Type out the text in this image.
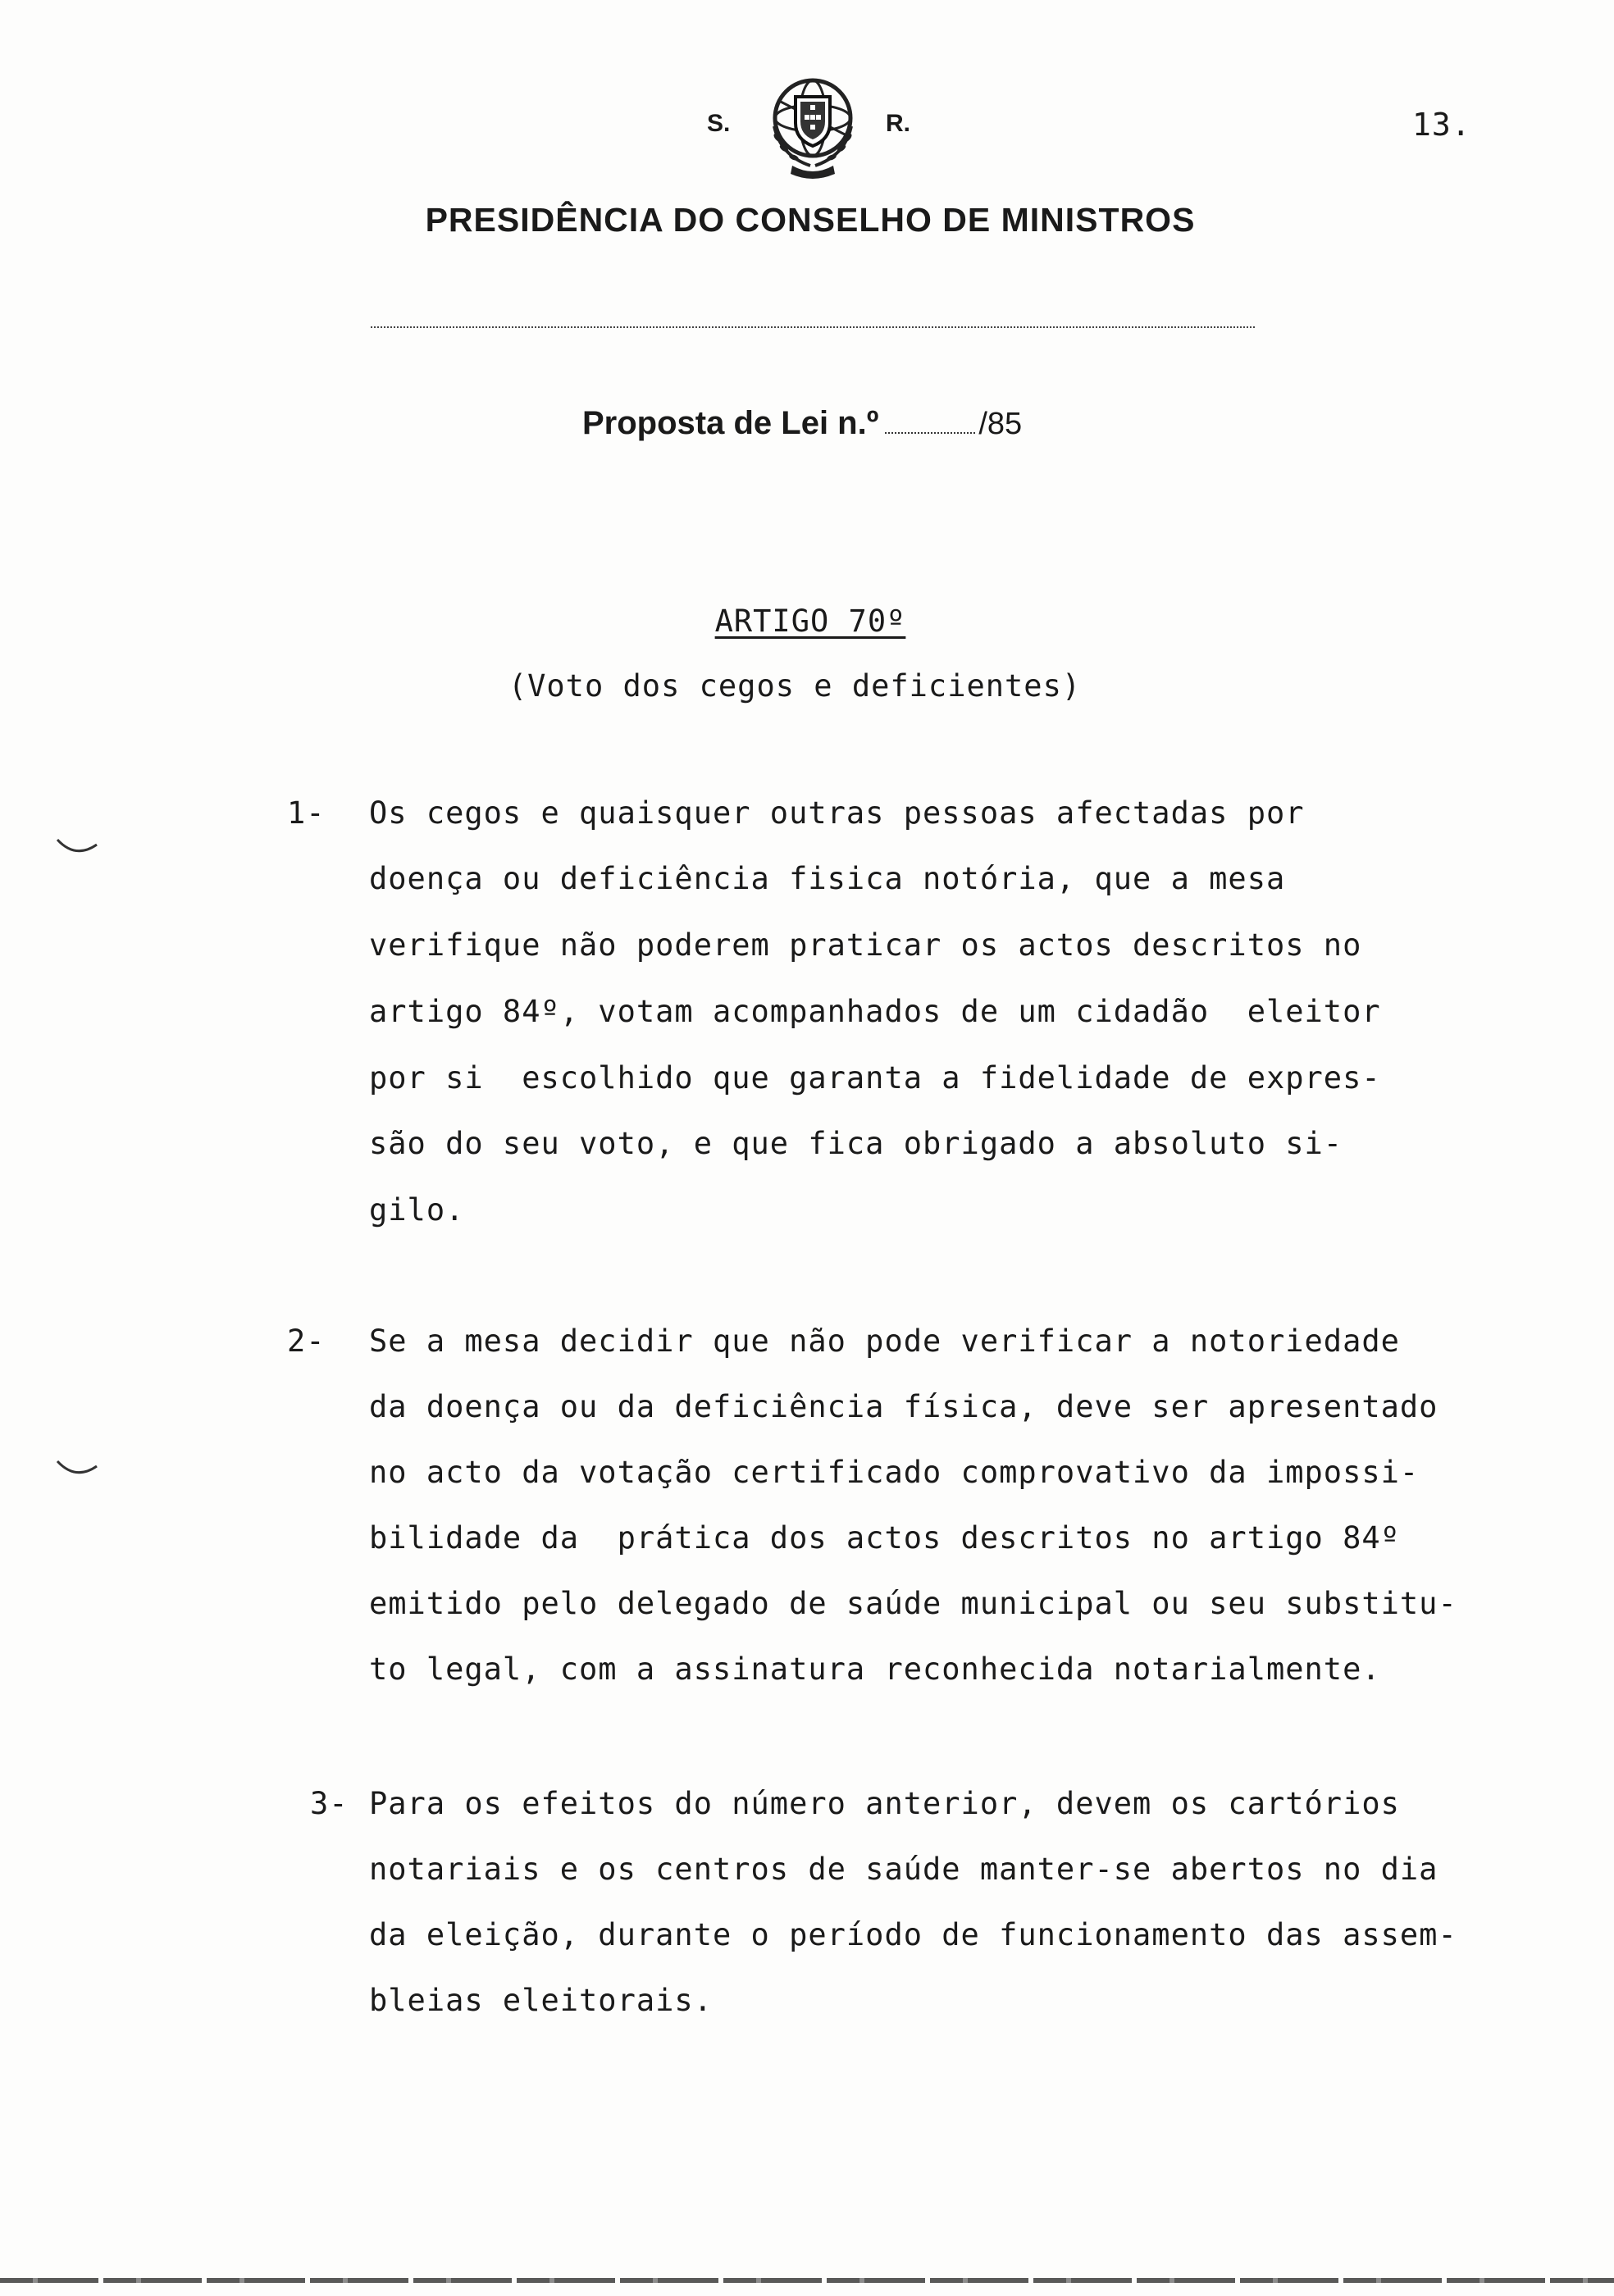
S.	R.	13.
PRESIDÊNCIA DO CONSELHO DE MINISTROS
Proposta de Lei n.º	/85
ARTIGO 70º
(Voto dos cegos e deficientes)
1- Os cegos e quaisquer outras pessoas afectadas por
doença ou deficiência fisica notória, que a mesa
verifique não poderem praticar os actos descritos no
artigo 84º, votam acompanhados de um cidadão  eleitor
por si  escolhido que garanta a fidelidade de expres-
são do seu voto, e que fica obrigado a absoluto si-
gilo.
2- Se a mesa decidir que não pode verificar a notoriedade
da doença ou da deficiência física, deve ser apresentado
no acto da votação certificado comprovativo da impossi-
bilidade da  prática dos actos descritos no artigo 84º
emitido pelo delegado de saúde municipal ou seu substitu-
to legal, com a assinatura reconhecida notarialmente.
3- Para os efeitos do número anterior, devem os cartórios
notariais e os centros de saúde manter-se abertos no dia
da eleição, durante o período de funcionamento das assem-
bleias eleitorais.
